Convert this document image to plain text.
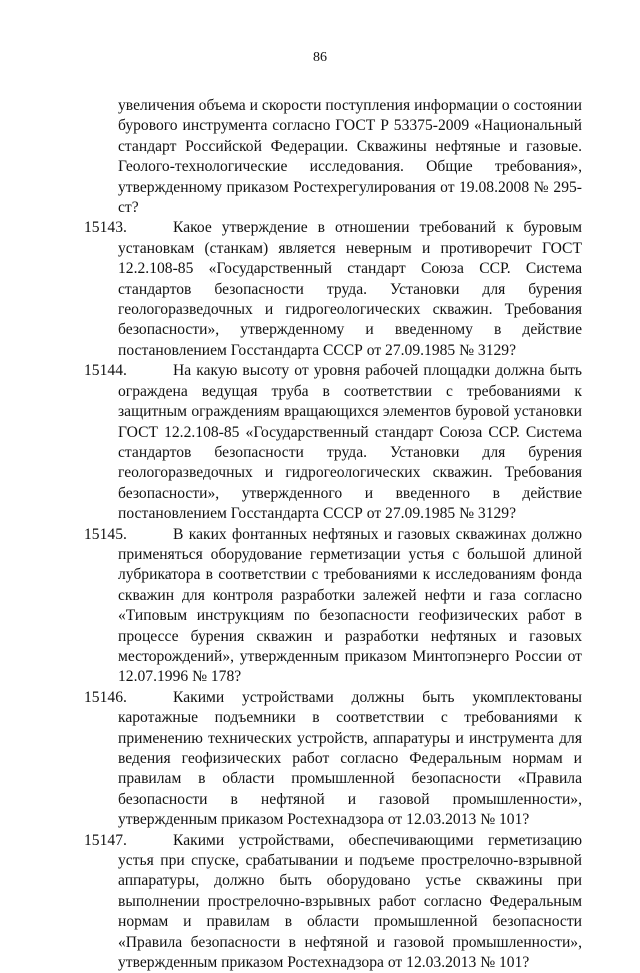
86

увеличения объема и скорости поступления информации о состоянии бурового инструмента согласно ГОСТ Р 53375-2009 «Национальный стандарт Российской Федерации. Скважины нефтяные и газовые. Геолого-технологические исследования. Общие требования», утвержденному приказом Ростехрегулирования от 19.08.2008 № 295-ст?

15143.	Какое утверждение в отношении требований к буровым установкам (станкам) является неверным и противоречит ГОСТ 12.2.108-85 «Государственный стандарт Союза ССР. Система стандартов безопасности труда. Установки для бурения геологоразведочных и гидрогеологических скважин. Требования безопасности», утвержденному и введенному в действие постановлением Госстандарта СССР от 27.09.1985 № 3129?

15144.	На какую высоту от уровня рабочей площадки должна быть ограждена ведущая труба в соответствии с требованиями к защитным ограждениям вращающихся элементов буровой установки ГОСТ 12.2.108-85 «Государственный стандарт Союза ССР. Система стандартов безопасности труда. Установки для бурения геологоразведочных и гидрогеологических скважин. Требования безопасности», утвержденного и введенного в действие постановлением Госстандарта СССР от 27.09.1985 № 3129?

15145.	В каких фонтанных нефтяных и газовых скважинах должно применяться оборудование герметизации устья с большой длиной лубрикатора в соответствии с требованиями к исследованиям фонда скважин для контроля разработки залежей нефти и газа согласно «Типовым инструкциям по безопасности геофизических работ в процессе бурения скважин и разработки нефтяных и газовых месторождений», утвержденным приказом Минтопэнерго России от 12.07.1996 № 178?

15146.	Какими устройствами должны быть укомплектованы каротажные подъемники в соответствии с требованиями к применению технических устройств, аппаратуры и инструмента для ведения геофизических работ согласно Федеральным нормам и правилам в области промышленной безопасности «Правила безопасности в нефтяной и газовой промышленности», утвержденным приказом Ростехнадзора от 12.03.2013 № 101?

15147.	Какими устройствами, обеспечивающими герметизацию устья при спуске, срабатывании и подъеме прострелочно-взрывной аппаратуры, должно быть оборудовано устье скважины при выполнении прострелочно-взрывных работ согласно Федеральным нормам и правилам в области промышленной безопасности «Правила безопасности в нефтяной и газовой промышленности», утвержденным приказом Ростехнадзора от 12.03.2013 № 101?
